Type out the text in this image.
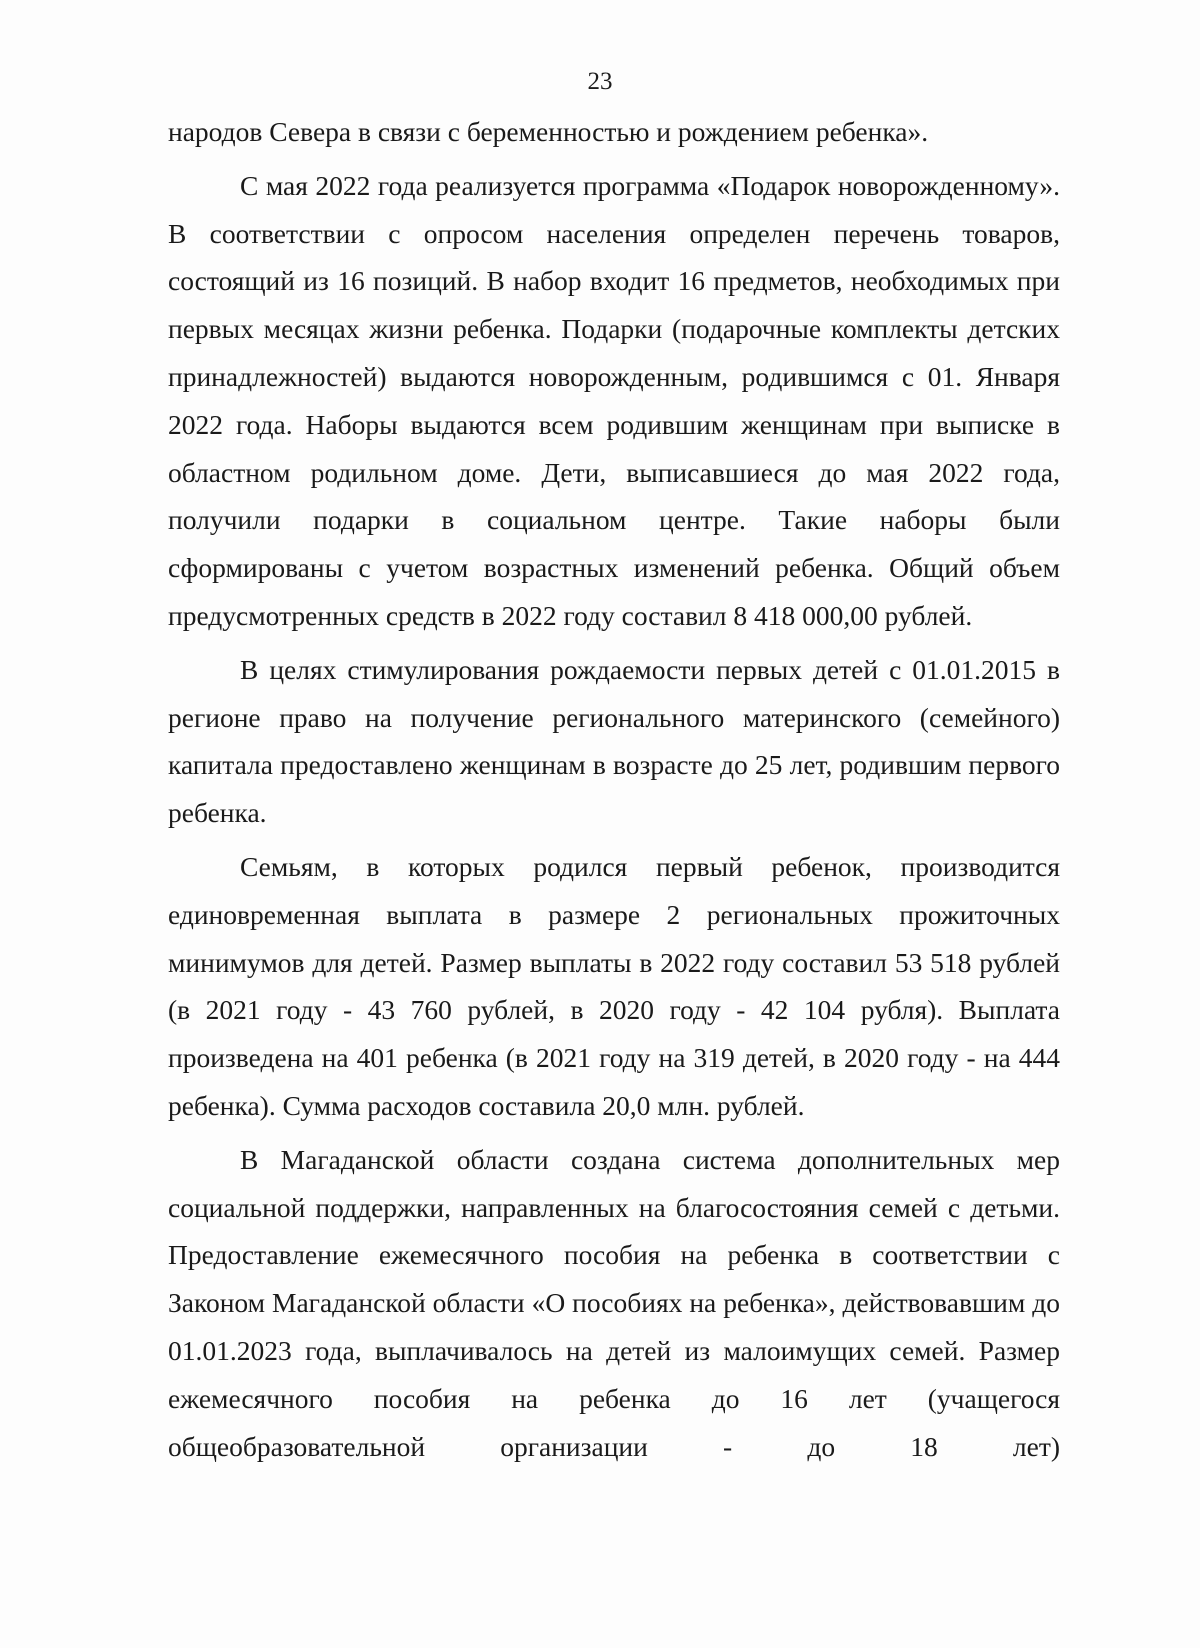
23

народов Севера в связи с беременностью и рождением ребенка».

С мая 2022 года реализуется программа «Подарок новорожденному». В соответствии с опросом населения определен перечень товаров, состоящий из 16 позиций. В набор входит 16 предметов, необходимых при первых месяцах жизни ребенка. Подарки (подарочные комплекты детских принадлежностей) выдаются новорожденным, родившимся с 01. Января 2022 года. Наборы выдаются всем родившим женщинам при выписке в областном родильном доме. Дети, выписавшиеся до мая 2022 года, получили подарки в социальном центре. Такие наборы были сформированы с учетом возрастных изменений ребенка. Общий объем предусмотренных средств в 2022 году составил 8 418 000,00 рублей.

В целях стимулирования рождаемости первых детей с 01.01.2015 в регионе право на получение регионального материнского (семейного) капитала предоставлено женщинам в возрасте до 25 лет, родившим первого ребенка.

Семьям, в которых родился первый ребенок, производится единовременная выплата в размере 2 региональных прожиточных минимумов для детей. Размер выплаты в 2022 году составил 53 518 рублей (в 2021 году - 43 760 рублей, в 2020 году - 42 104 рубля). Выплата произведена на 401 ребенка (в 2021 году на 319 детей, в 2020 году - на 444 ребенка). Сумма расходов составила 20,0 млн. рублей.

В Магаданской области создана система дополнительных мер социальной поддержки, направленных на благосостояния семей с детьми. Предоставление ежемесячного пособия на ребенка в соответствии с Законом Магаданской области «О пособиях на ребенка», действовавшим до 01.01.2023 года, выплачивалось на детей из малоимущих семей. Размер ежемесячного пособия на ребенка до 16 лет (учащегося общеобразовательной организации - до 18 лет)
